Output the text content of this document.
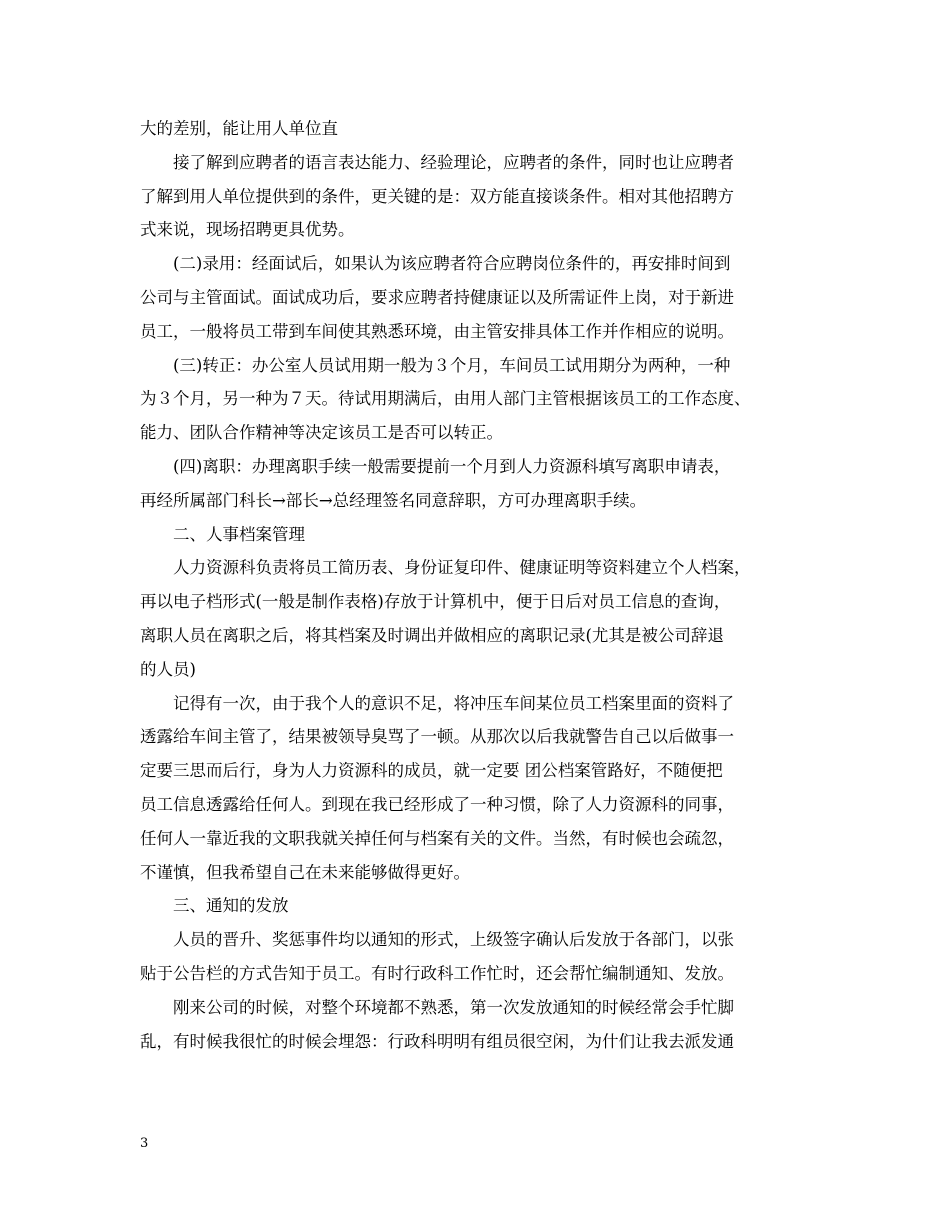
大的差别，能让用人单位直
接了解到应聘者的语言表达能力、经验理论，应聘者的条件，同时也让应聘者
了解到用人单位提供到的条件，更关键的是：双方能直接谈条件。相对其他招聘方
式来说，现场招聘更具优势。
(二)录用：经面试后，如果认为该应聘者符合应聘岗位条件的，再安排时间到
公司与主管面试。面试成功后，要求应聘者持健康证以及所需证件上岗，对于新进
员工，一般将员工带到车间使其熟悉环境，由主管安排具体工作并作相应的说明。
(三)转正：办公室人员试用期一般为３个月，车间员工试用期分为两种，一种
为３个月，另一种为７天。待试用期满后，由用人部门主管根据该员工的工作态度、
能力、团队合作精神等决定该员工是否可以转正。
(四)离职：办理离职手续一般需要提前一个月到人力资源科填写离职申请表，
再经所属部门科长→部长→总经理签名同意辞职，方可办理离职手续。
二、人事档案管理
人力资源科负责将员工简历表、身份证复印件、健康证明等资料建立个人档案，
再以电子档形式(一般是制作表格)存放于计算机中，便于日后对员工信息的查询，
离职人员在离职之后，将其档案及时调出并做相应的离职记录(尤其是被公司辞退
的人员)
记得有一次，由于我个人的意识不足，将冲压车间某位员工档案里面的资料了
透露给车间主管了，结果被领导臭骂了一顿。从那次以后我就警告自己以后做事一
定要三思而后行，身为人力资源科的成员，就一定要 团公档案管路好，不随便把
员工信息透露给任何人。到现在我已经形成了一种习惯，除了人力资源科的同事，
任何人一靠近我的文职我就关掉任何与档案有关的文件。当然，有时候也会疏忽，
不谨慎，但我希望自己在未来能够做得更好。
三、通知的发放
人员的晋升、奖惩事件均以通知的形式，上级签字确认后发放于各部门，以张
贴于公告栏的方式告知于员工。有时行政科工作忙时，还会帮忙编制通知、发放。
刚来公司的时候，对整个环境都不熟悉，第一次发放通知的时候经常会手忙脚
乱，有时候我很忙的时候会埋怨：行政科明明有组员很空闲，为什们让我去派发通
3
